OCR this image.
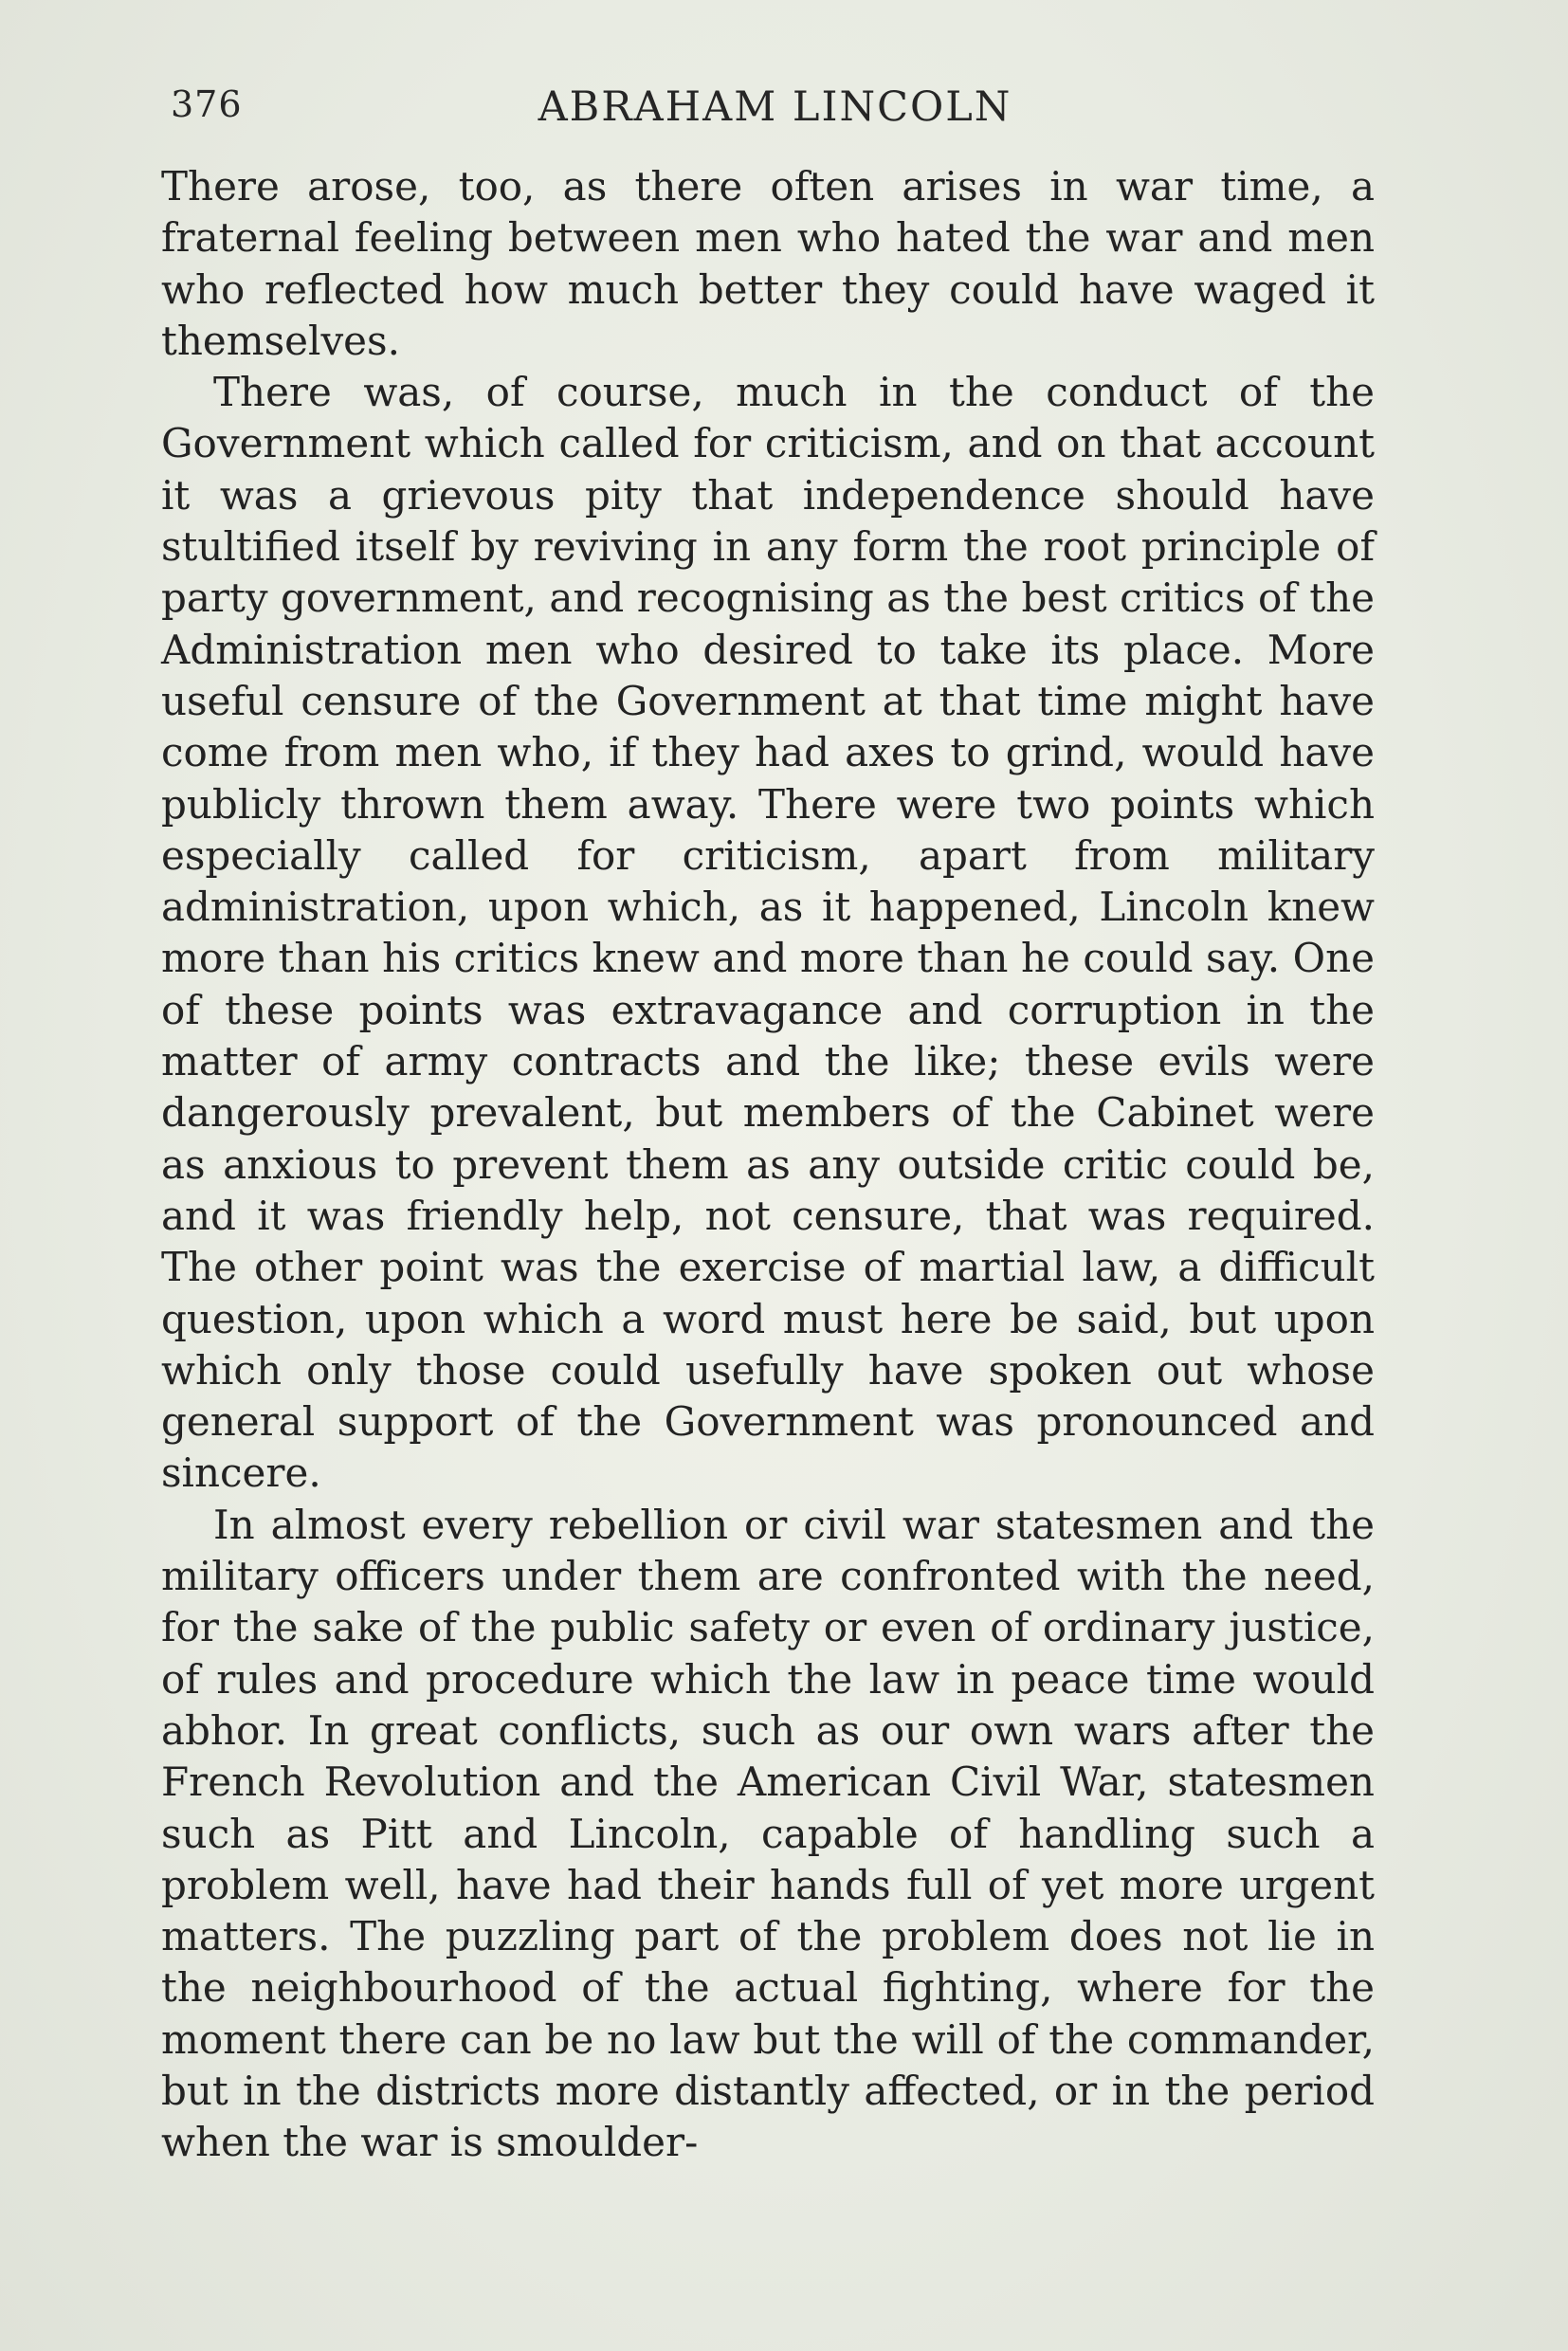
376	ABRAHAM LINCOLN

There arose, too, as there often arises in war time, a fraternal feeling between men who hated the war and men who reflected how much better they could have waged it themselves.

There was, of course, much in the conduct of the Government which called for criticism, and on that account it was a grievous pity that independence should have stultified itself by reviving in any form the root principle of party government, and recognising as the best critics of the Administration men who desired to take its place. More useful censure of the Government at that time might have come from men who, if they had axes to grind, would have publicly thrown them away. There were two points which especially called for criticism, apart from military administration, upon which, as it happened, Lincoln knew more than his critics knew and more than he could say. One of these points was extravagance and corruption in the matter of army contracts and the like; these evils were dangerously prevalent, but members of the Cabinet were as anxious to prevent them as any outside critic could be, and it was friendly help, not censure, that was required. The other point was the exercise of martial law, a difficult question, upon which a word must here be said, but upon which only those could usefully have spoken out whose general support of the Government was pronounced and sincere.

In almost every rebellion or civil war statesmen and the military officers under them are confronted with the need, for the sake of the public safety or even of ordinary justice, of rules and procedure which the law in peace time would abhor. In great conflicts, such as our own wars after the French Revolution and the American Civil War, statesmen such as Pitt and Lincoln, capable of handling such a problem well, have had their hands full of yet more urgent matters. The puzzling part of the problem does not lie in the neighbourhood of the actual fighting, where for the moment there can be no law but the will of the commander, but in the districts more distantly affected, or in the period when the war is smoulder-
